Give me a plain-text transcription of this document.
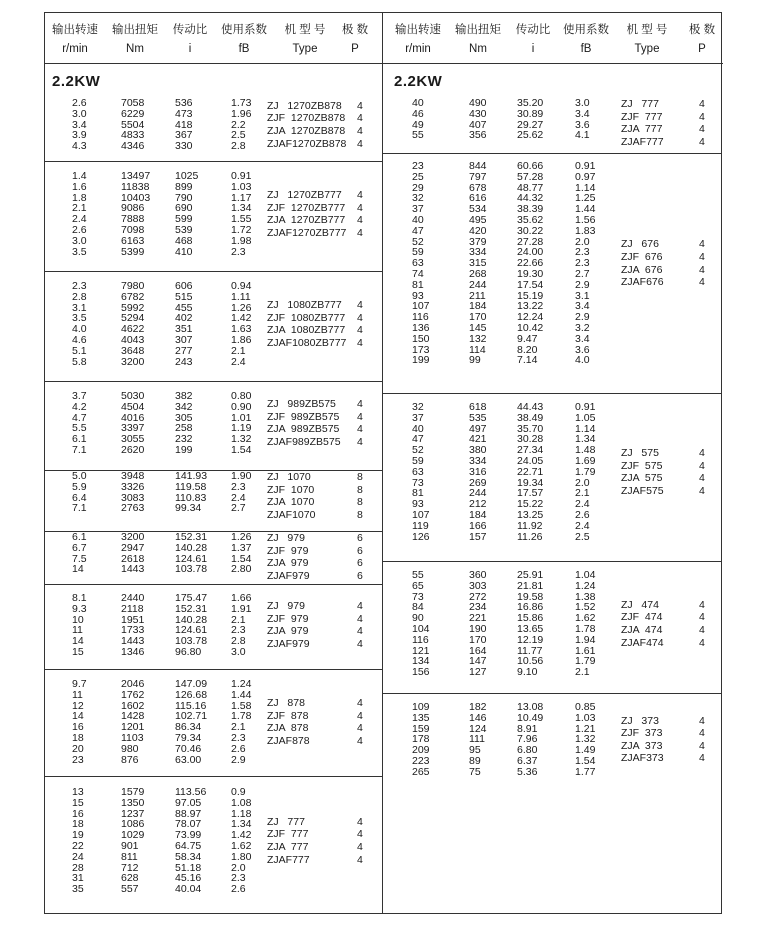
输出转速
r/min
输出扭矩
Nm
传动比
i
使用系数
fB
机 型 号
Type
极 数
P
输出转速
r/min
输出扭矩
Nm
传动比
i
使用系数
fB
机 型 号
Type
极 数
P
2.2KW	2.2KW
2.6
3.0
3.4
3.9
4.3
7058
6229
5504
4833
4346
536
473
418
367
330
1.73
1.96
2.2
2.5
2.8
ZJ   1270ZB878
ZJF  1270ZB878
ZJA  1270ZB878
ZJAF1270ZB878
4
4
4
4
1.4
1.6
1.8
2.1
2.4
2.6
3.0
3.5
13497
11838
10403
9086
7888
7098
6163
5399
1025
899
790
690
599
539
468
410
0.91
1.03
1.17
1.34
1.55
1.72
1.98
2.3
ZJ   1270ZB777
ZJF  1270ZB777
ZJA  1270ZB777
ZJAF1270ZB777
4
4
4
4
2.3
2.8
3.1
3.5
4.0
4.6
5.1
5.8
7980
6782
5992
5294
4622
4043
3648
3200
606
515
455
402
351
307
277
243
0.94
1.11
1.26
1.42
1.63
1.86
2.1
2.4
ZJ   1080ZB777
ZJF  1080ZB777
ZJA  1080ZB777
ZJAF1080ZB777
4
4
4
4
3.7
4.2
4.7
5.5
6.1
7.1
5030
4504
4016
3397
3055
2620
382
342
305
258
232
199
0.80
0.90
1.01
1.19
1.32
1.54
ZJ   989ZB575
ZJF  989ZB575
ZJA  989ZB575
ZJAF989ZB575
4
4
4
4
5.0
5.9
6.4
7.1
3948
3326
3083
2763
141.93
119.58
110.83
99.34
1.90
2.3
2.4
2.7
ZJ   1070
ZJF  1070
ZJA  1070
ZJAF1070
8
8
8
8
6.1
6.7
7.5
14
3200
2947
2618
1443
152.31
140.28
124.61
103.78
1.26
1.37
1.54
2.80
ZJ   979
ZJF  979
ZJA  979
ZJAF979
6
6
6
6
8.1
9.3
10
11
14
15
2440
2118
1951
1733
1443
1346
175.47
152.31
140.28
124.61
103.78
96.80
1.66
1.91
2.1
2.3
2.8
3.0
ZJ   979
ZJF  979
ZJA  979
ZJAF979
4
4
4
4
9.7
11
12
14
16
18
20
23
2046
1762
1602
1428
1201
1103
980
876
147.09
126.68
115.16
102.71
86.34
79.34
70.46
63.00
1.24
1.44
1.58
1.78
2.1
2.3
2.6
2.9
ZJ   878
ZJF  878
ZJA  878
ZJAF878
4
4
4
4
13
15
16
18
19
22
24
28
31
35
1579
1350
1237
1086
1029
901
811
712
628
557
113.56
97.05
88.97
78.07
73.99
64.75
58.34
51.18
45.16
40.04
0.9
1.08
1.18
1.34
1.42
1.62
1.80
2.0
2.3
2.6
ZJ   777
ZJF  777
ZJA  777
ZJAF777
4
4
4
4
40
46
49
55
490
430
407
356
35.20
30.89
29.27
25.62
3.0
3.4
3.6
4.1
ZJ   777
ZJF  777
ZJA  777
ZJAF777
4
4
4
4
23
25
29
32
37
40
47
52
59
63
74
81
93
107
116
136
150
173
199
844
797
678
616
534
495
420
379
334
315
268
244
211
184
170
145
132
114
99
60.66
57.28
48.77
44.32
38.39
35.62
30.22
27.28
24.00
22.66
19.30
17.54
15.19
13.22
12.24
10.42
9.47
8.20
7.14
0.91
0.97
1.14
1.25
1.44
1.56
1.83
2.0
2.3
2.3
2.7
2.9
3.1
3.4
2.9
3.2
3.4
3.6
4.0
ZJ   676
ZJF  676
ZJA  676
ZJAF676
4
4
4
4
32
37
40
47
52
59
63
73
81
93
107
119
126
618
535
497
421
380
334
316
269
244
212
184
166
157
44.43
38.49
35.70
30.28
27.34
24.05
22.71
19.34
17.57
15.22
13.25
11.92
11.26
0.91
1.05
1.14
1.34
1.48
1.69
1.79
2.0
2.1
2.4
2.6
2.4
2.5
ZJ   575
ZJF  575
ZJA  575
ZJAF575
4
4
4
4
55
65
73
84
90
104
116
121
134
156
360
303
272
234
221
190
170
164
147
127
25.91
21.81
19.58
16.86
15.86
13.65
12.19
11.77
10.56
9.10
1.04
1.24
1.38
1.52
1.62
1.78
1.94
1.61
1.79
2.1
ZJ   474
ZJF  474
ZJA  474
ZJAF474
4
4
4
4
109
135
159
178
209
223
265
182
146
124
111
95
89
75
13.08
10.49
8.91
7.96
6.80
6.37
5.36
0.85
1.03
1.21
1.32
1.49
1.54
1.77
ZJ   373
ZJF  373
ZJA  373
ZJAF373
4
4
4
4
